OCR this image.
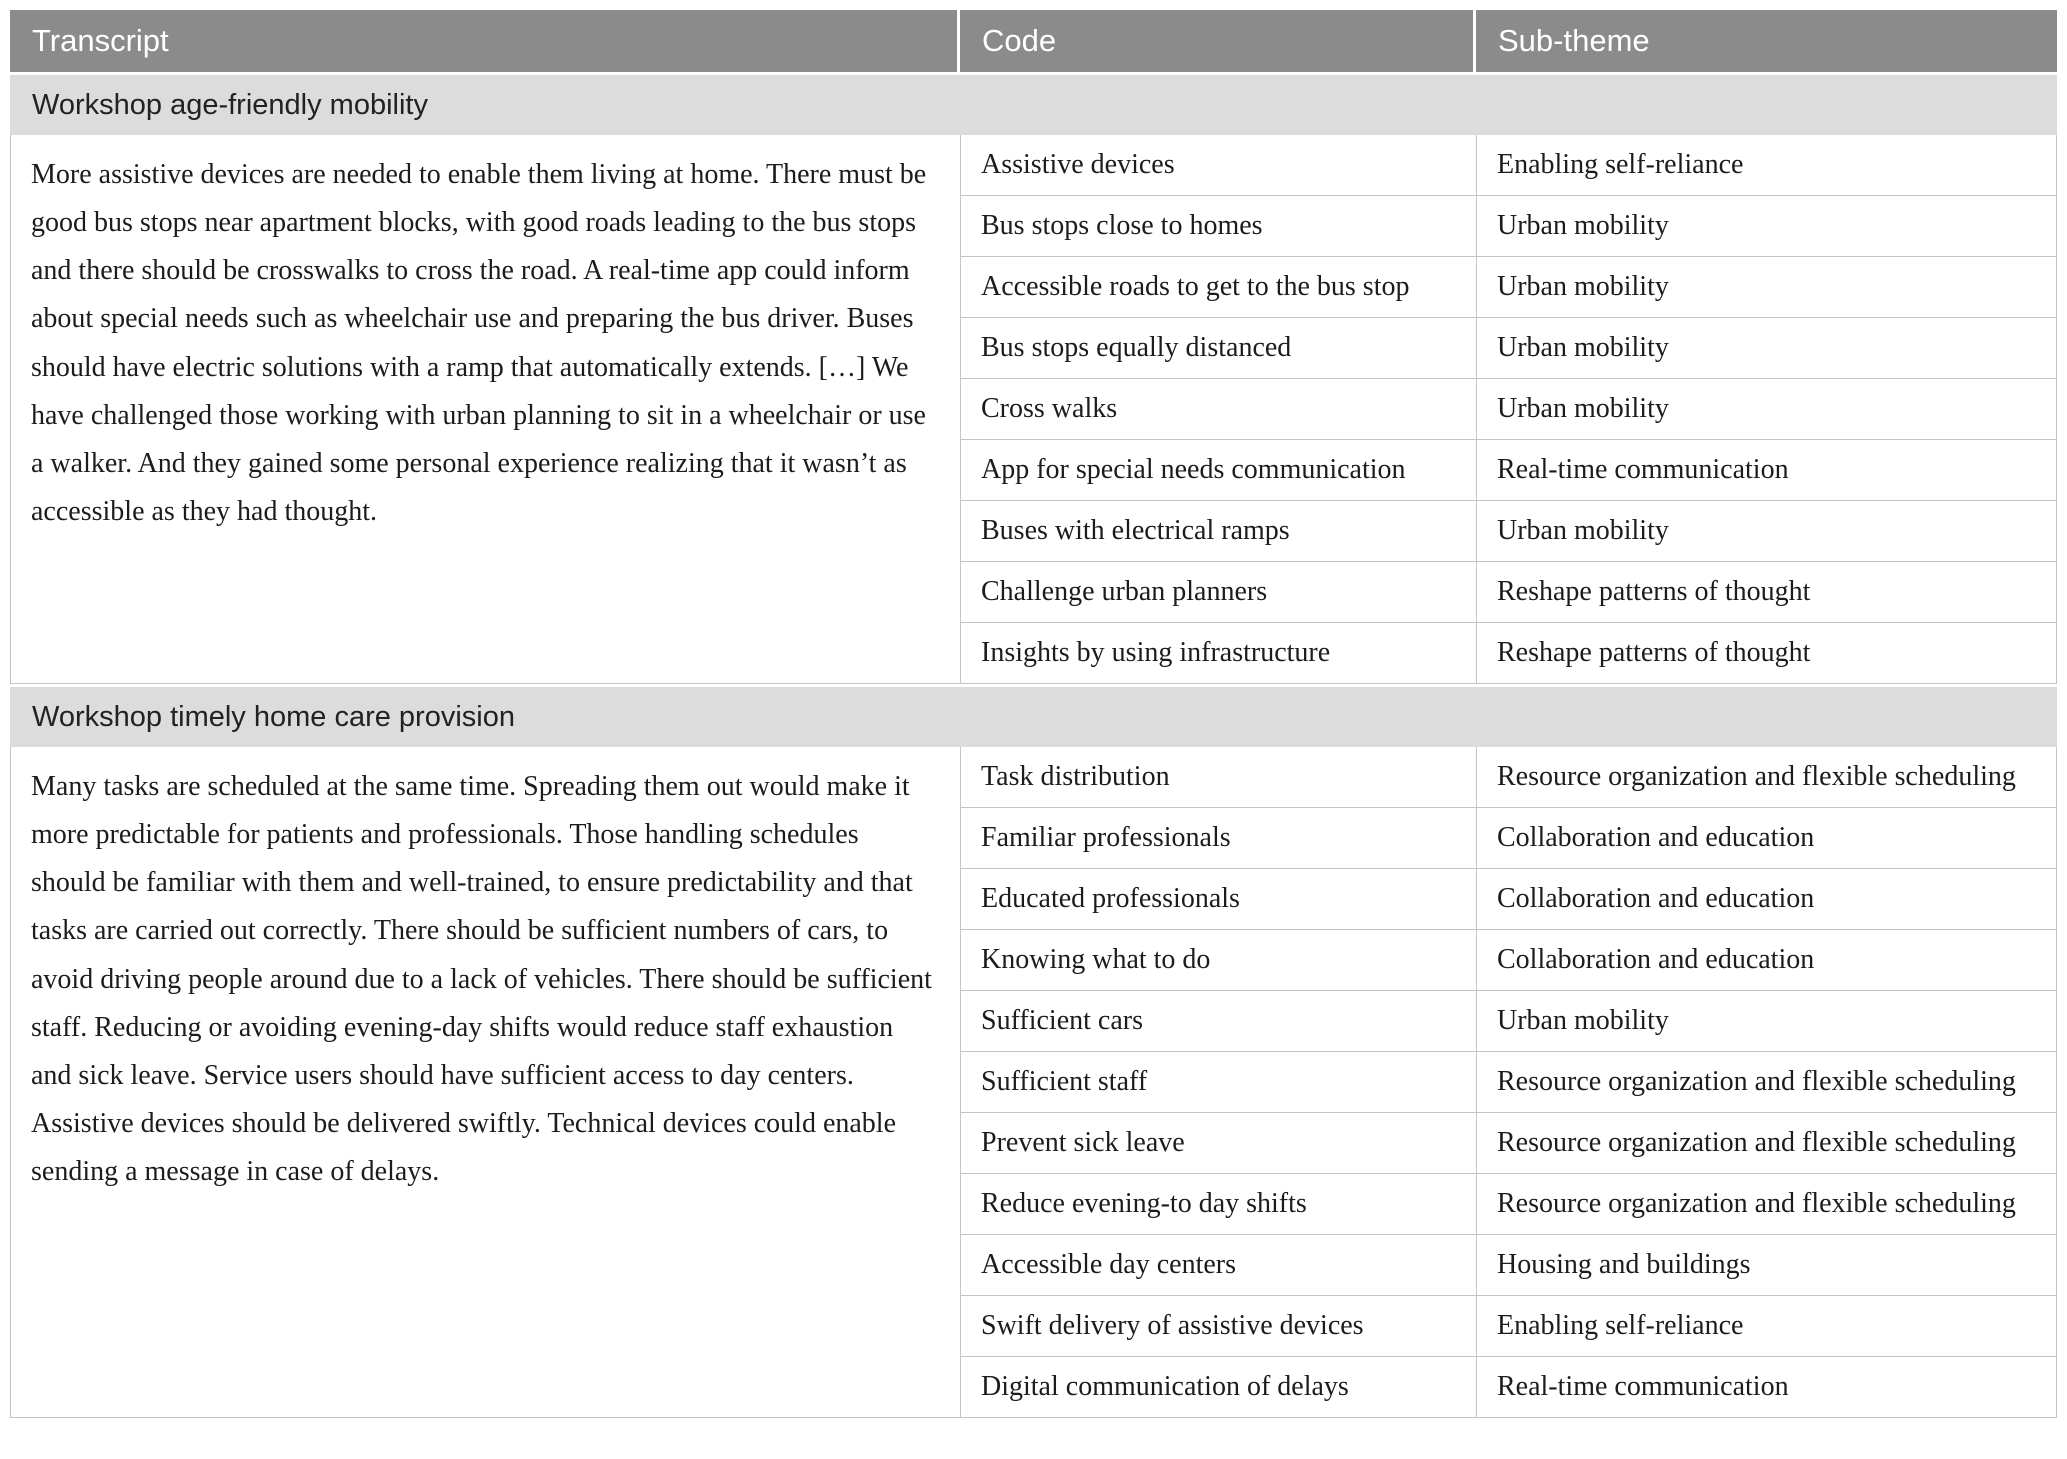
Transcript	Code	Sub-theme
Workshop age-friendly mobility
More assistive devices are needed to enable them living at home. There must be good bus stops near apartment blocks, with good roads leading to the bus stops and there should be crosswalks to cross the road. A real-time app could inform about special needs such as wheelchair use and preparing the bus driver. Buses should have electric solutions with a ramp that automatically extends. […] We have challenged those working with urban planning to sit in a wheelchair or use a walker. And they gained some personal experience realizing that it wasn’t as accessible as they had thought.
Assistive devices	Enabling self-reliance
Bus stops close to homes	Urban mobility
Accessible roads to get to the bus stop	Urban mobility
Bus stops equally distanced	Urban mobility
Cross walks	Urban mobility
App for special needs communication	Real-time communication
Buses with electrical ramps	Urban mobility
Challenge urban planners	Reshape patterns of thought
Insights by using infrastructure	Reshape patterns of thought
Workshop timely home care provision
Many tasks are scheduled at the same time. Spreading them out would make it more predictable for patients and professionals. Those handling schedules should be familiar with them and well-trained, to ensure predictability and that tasks are carried out correctly. There should be sufficient numbers of cars, to avoid driving people around due to a lack of vehicles. There should be sufficient staff. Reducing or avoiding evening-day shifts would reduce staff exhaustion and sick leave. Service users should have sufficient access to day centers. Assistive devices should be delivered swiftly. Technical devices could enable sending a message in case of delays.
Task distribution	Resource organization and flexible scheduling
Familiar professionals	Collaboration and education
Educated professionals	Collaboration and education
Knowing what to do	Collaboration and education
Sufficient cars	Urban mobility
Sufficient staff	Resource organization and flexible scheduling
Prevent sick leave	Resource organization and flexible scheduling
Reduce evening-to day shifts	Resource organization and flexible scheduling
Accessible day centers	Housing and buildings
Swift delivery of assistive devices	Enabling self-reliance
Digital communication of delays	Real-time communication
